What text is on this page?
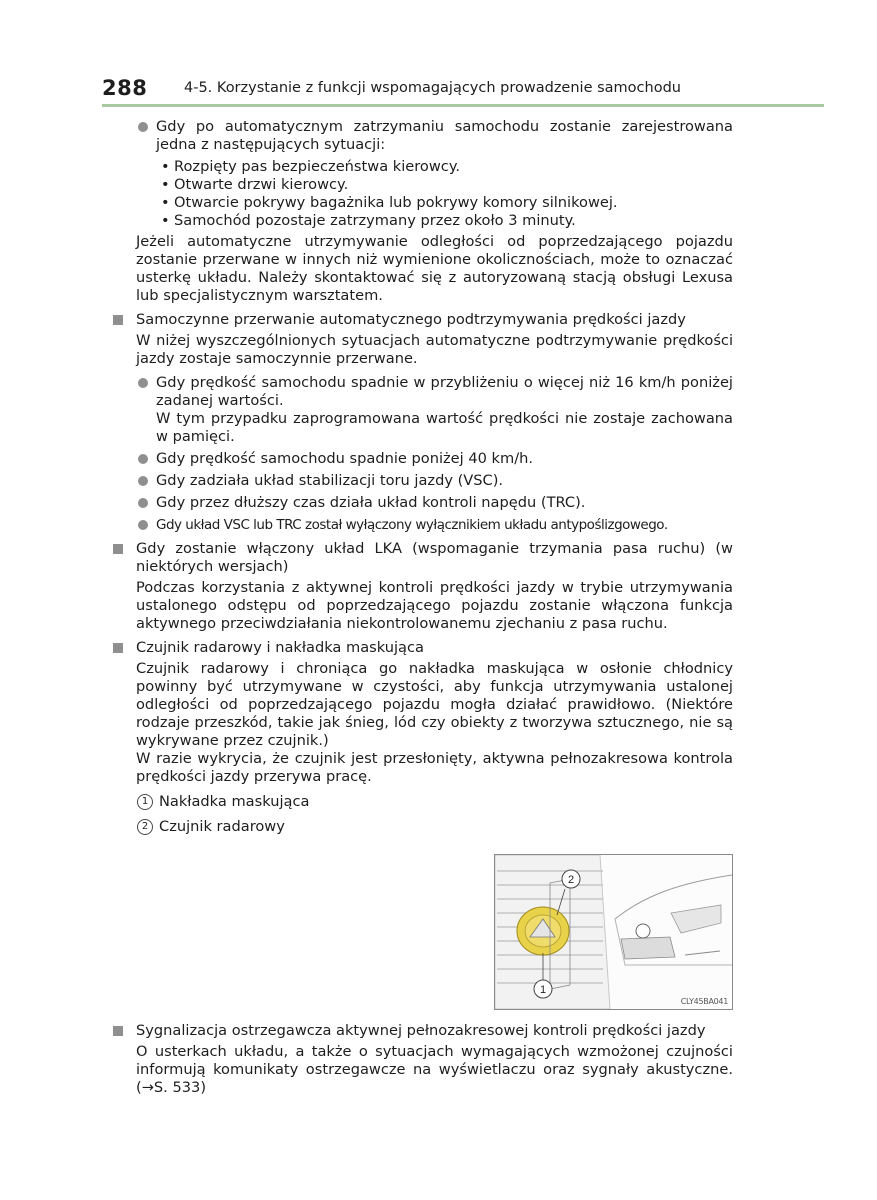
288	4-5. Korzystanie z funkcji wspomagających prowadzenie samochodu
Gdy po automatycznym zatrzymaniu samochodu zostanie zarejestrowana jedna z następujących sytuacji:
• Rozpięty pas bezpieczeństwa kierowcy.
• Otwarte drzwi kierowcy.
• Otwarcie pokrywy bagażnika lub pokrywy komory silnikowej.
• Samochód pozostaje zatrzymany przez około 3 minuty.
Jeżeli automatyczne utrzymywanie odległości od poprzedzającego pojazdu zostanie przerwane w innych niż wymienione okolicznościach, może to oznaczać usterkę układu. Należy skontaktować się z autoryzowaną stacją obsługi Lexusa lub specjalistycznym warsztatem.
Samoczynne przerwanie automatycznego podtrzymywania prędkości jazdy
W niżej wyszczególnionych sytuacjach automatyczne podtrzymywanie prędkości jazdy zostaje samoczynnie przerwane.
Gdy prędkość samochodu spadnie w przybliżeniu o więcej niż 16 km/h poniżej zadanej wartości.
W tym przypadku zaprogramowana wartość prędkości nie zostaje zachowana w pamięci.
Gdy prędkość samochodu spadnie poniżej 40 km/h.
Gdy zadziała układ stabilizacji toru jazdy (VSC).
Gdy przez dłuższy czas działa układ kontroli napędu (TRC).
Gdy układ VSC lub TRC został wyłączony wyłącznikiem układu antypoślizgowego.
Gdy zostanie włączony układ LKA (wspomaganie trzymania pasa ruchu) (w niektórych wersjach)
Podczas korzystania z aktywnej kontroli prędkości jazdy w trybie utrzymywania ustalonego odstępu od poprzedzającego pojazdu zostanie włączona funkcja aktywnego przeciwdziałania niekontrolowanemu zjechaniu z pasa ruchu.
Czujnik radarowy i nakładka maskująca
Czujnik radarowy i chroniąca go nakładka maskująca w osłonie chłodnicy powinny być utrzymywane w czystości, aby funkcja utrzymywania ustalonej odległości od poprzedzającego pojazdu mogła działać prawidłowo. (Niektóre rodzaje przeszkód, takie jak śnieg, lód czy obiekty z tworzywa sztucznego, nie są wykrywane przez czujnik.)
W razie wykrycia, że czujnik jest przesłonięty, aktywna pełnozakresowa kontrola prędkości jazdy przerywa pracę.
1 Nakładka maskująca
2 Czujnik radarowy
2
1
CLY45BA041
Sygnalizacja ostrzegawcza aktywnej pełnozakresowej kontroli prędkości jazdy
O usterkach układu, a także o sytuacjach wymagających wzmożonej czujności informują komunikaty ostrzegawcze na wyświetlaczu oraz sygnały akustyczne. (→S. 533)
